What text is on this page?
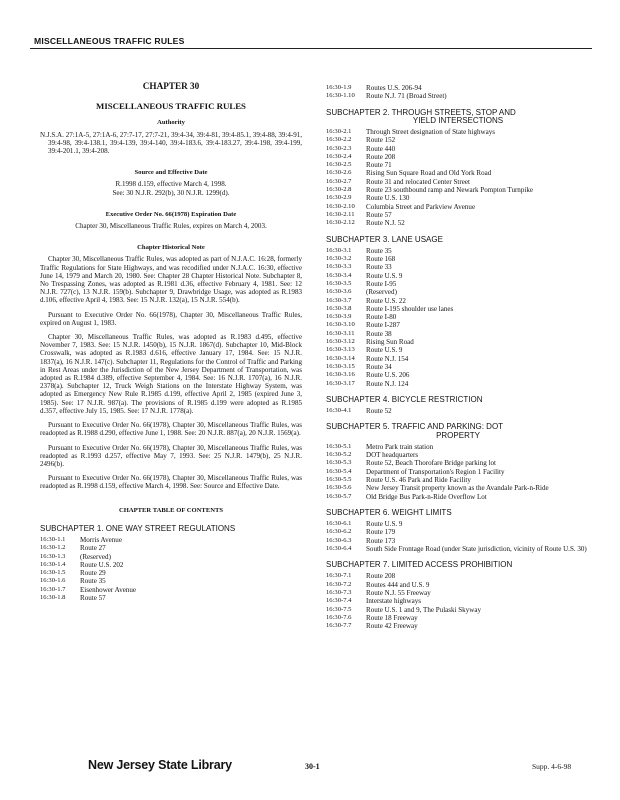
MISCELLANEOUS TRAFFIC RULES
CHAPTER 30
MISCELLANEOUS TRAFFIC RULES
Authority
N.J.S.A. 27:1A-5, 27:1A-6, 27:7-17, 27:7-21, 39:4-34, 39:4-81, 39:4-85.1, 39:4-88, 39:4-91, 39:4-98, 39:4-138.1, 39:4-139, 39:4-140, 39:4-183.6, 39:4-183.27, 39:4-198, 39:4-199, 39:4-201.1, 39:4-208.
Source and Effective Date
R.1998 d.159, effective March 4, 1998.
See: 30 N.J.R. 292(b), 30 N.J.R. 1299(d).
Executive Order No. 66(1978) Expiration Date
Chapter 30, Miscellaneous Traffic Rules, expires on March 4, 2003.
Chapter Historical Note
Chapter 30, Miscellaneous Traffic Rules, was adopted as part of N.J.A.C. 16:28, formerly Traffic Regulations for State Highways, and was recodified under N.J.A.C. 16:30, effective June 14, 1979 and March 20, 1980. See: Chapter 28 Chapter Historical Note. Subchapter 8, No Trespassing Zones, was adopted as R.1981 d.36, effective February 4, 1981. See: 12 N.J.R. 727(c), 13 N.J.R. 159(b). Subchapter 9, Drawbridge Usage, was adopted as R.1983 d.106, effective April 4, 1983. See: 15 N.J.R. 132(a), 15 N.J.R. 554(b).
Pursuant to Executive Order No. 66(1978), Chapter 30, Miscellaneous Traffic Rules, expired on August 1, 1983.
Chapter 30, Miscellaneous Traffic Rules, was adopted as R.1983 d.495, effective November 7, 1983. See: 15 N.J.R. 1450(b), 15 N.J.R. 1867(d). Subchapter 10, Mid-Block Crosswalk, was adopted as R.1983 d.616, effective January 17, 1984. See: 15 N.J.R. 1837(a), 16 N.J.R. 147(c). Subchapter 11, Regulations for the Control of Traffic and Parking in Rest Areas under the Jurisdiction of the New Jersey Department of Transportation, was adopted as R.1984 d.389, effective September 4, 1984. See: 16 N.J.R. 1707(a), 16 N.J.R. 2378(a). Subchapter 12, Truck Weigh Stations on the Interstate Highway System, was adopted as Emergency New Rule R.1985 d.199, effective April 2, 1985 (expired June 3, 1985). See: 17 N.J.R. 987(a). The provisions of R.1985 d.199 were adopted as R.1985 d.357, effective July 15, 1985. See: 17 N.J.R. 1778(a).
Pursuant to Executive Order No. 66(1978), Chapter 30, Miscellaneous Traffic Rules, was readopted as R.1988 d.290, effective June 1, 1988. See: 20 N.J.R. 887(a), 20 N.J.R. 1569(a).
Pursuant to Executive Order No. 66(1978), Chapter 30, Miscellaneous Traffic Rules, was readopted as R.1993 d.257, effective May 7, 1993. See: 25 N.J.R. 1479(b), 25 N.J.R. 2496(b).
Pursuant to Executive Order No. 66(1978), Chapter 30, Miscellaneous Traffic Rules, was readopted as R.1998 d.159, effective March 4, 1998. See: Source and Effective Date.
CHAPTER TABLE OF CONTENTS
SUBCHAPTER 1. ONE WAY STREET REGULATIONS
16:30-1.1	Morris Avenue
16:30-1.2	Route 27
16:30-1.3	(Reserved)
16:30-1.4	Route U.S. 202
16:30-1.5	Route 29
16:30-1.6	Route 35
16:30-1.7	Eisenhower Avenue
16:30-1.8	Route 57
16:30-1.9	Routes U.S. 206-94
16:30-1.10	Route N.J. 71 (Broad Street)
SUBCHAPTER 2. THROUGH STREETS, STOP AND
YIELD INTERSECTIONS
16:30-2.1	Through Street designation of State highways
16:30-2.2	Route 152
16:30-2.3	Route 440
16:30-2.4	Route 208
16:30-2.5	Route 71
16:30-2.6	Rising Sun Square Road and Old York Road
16:30-2.7	Route 31 and relocated Center Street
16:30-2.8	Route 23 southbound ramp and Newark Pompton Turnpike
16:30-2.9	Route U.S. 130
16:30-2.10	Columbia Street and Parkview Avenue
16:30-2.11	Route 57
16:30-2.12	Route N.J. 52
SUBCHAPTER 3. LANE USAGE
16:30-3.1	Route 35
16:30-3.2	Route 168
16:30-3.3	Route 33
16:30-3.4	Route U.S. 9
16:30-3.5	Route I-95
16:30-3.6	(Reserved)
16:30-3.7	Route U.S. 22
16:30-3.8	Route I-195 shoulder use lanes
16:30-3.9	Route I-80
16:30-3.10	Route I-287
16:30-3.11	Route 38
16:30-3.12	Rising Sun Road
16:30-3.13	Route U.S. 9
16:30-3.14	Route N.J. 154
16:30-3.15	Route 34
16:30-3.16	Route U.S. 206
16:30-3.17	Route N.J. 124
SUBCHAPTER 4. BICYCLE RESTRICTION
16:30-4.1	Route 52
SUBCHAPTER 5. TRAFFIC AND PARKING: DOT
PROPERTY
16:30-5.1	Metro Park train station
16:30-5.2	DOT headquarters
16:30-5.3	Route 52, Beach Thorofare Bridge parking lot
16:30-5.4	Department of Transportation's Region 1 Facility
16:30-5.5	Route U.S. 46 Park and Ride Facility
16:30-5.6	New Jersey Transit property known as the Avandale Park-n-Ride
16:30-5.7	Old Bridge Bus Park-n-Ride Overflow Lot
SUBCHAPTER 6. WEIGHT LIMITS
16:30-6.1	Route U.S. 9
16:30-6.2	Route 179
16:30-6.3	Route 173
16:30-6.4	South Side Frontage Road (under State jurisdiction, vicinity of Route U.S. 30)
SUBCHAPTER 7. LIMITED ACCESS PROHIBITION
16:30-7.1	Route 208
16:30-7.2	Routes 444 and U.S. 9
16:30-7.3	Route N.J. 55 Freeway
16:30-7.4	Interstate highways
16:30-7.5	Route U.S. 1 and 9, The Pulaski Skyway
16:30-7.6	Route 18 Freeway
16:30-7.7	Route 42 Freeway
New Jersey State Library	30-1	Supp. 4-6-98
